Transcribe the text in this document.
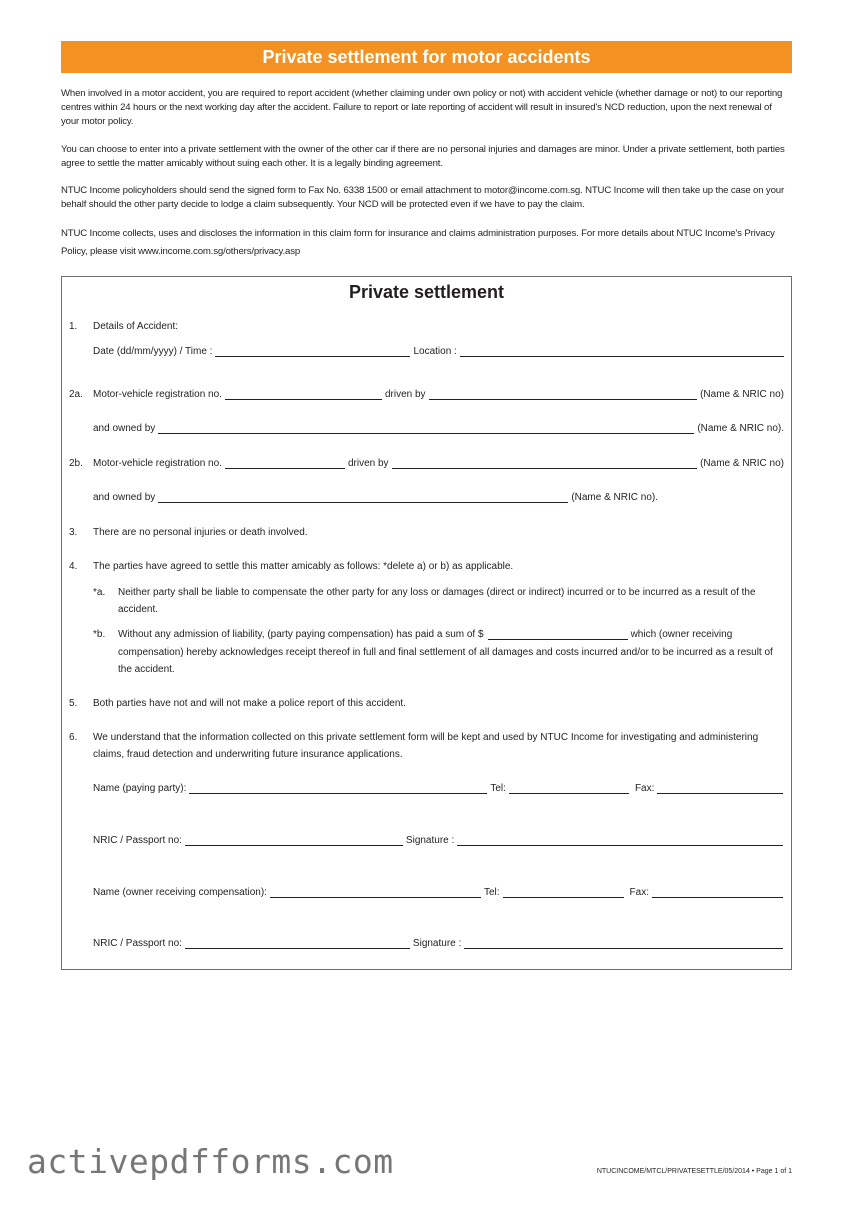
Private settlement for motor accidents

When involved in a motor accident, you are required to report accident (whether claiming under own policy or not) with accident vehicle (whether damage or not) to our reporting centres within 24 hours or the next working day after the accident. Failure to report or late reporting of accident will result in insured's NCD reduction, upon the next renewal of your motor policy.

You can choose to enter into a private settlement with the owner of the other car if there are no personal injuries and damages are minor. Under a private settlement, both parties agree to settle the matter amicably without suing each other. It is a legally binding agreement.

NTUC Income policyholders should send the signed form to Fax No. 6338 1500 or email attachment to motor@income.com.sg. NTUC Income will then take up the case on your behalf should the other party decide to lodge a claim subsequently. Your NCD will be protected even if we have to pay the claim.

NTUC Income collects, uses and discloses the information in this claim form for insurance and claims administration purposes. For more details about NTUC Income's Privacy Policy, please visit www.income.com.sg/others/privacy.asp

Private settlement
1. Details of Accident:
Date (dd/mm/yyyy) / Time :	Location :
2a. Motor-vehicle registration no.	driven by	(Name & NRIC no)
and owned by	(Name & NRIC no).
2b. Motor-vehicle registration no.	driven by	(Name & NRIC no)
and owned by	(Name & NRIC no).
3. There are no personal injuries or death involved.
4. The parties have agreed to settle this matter amicably as follows: *delete a) or b) as applicable.
*a. Neither party shall be liable to compensate the other party for any loss or damages (direct or indirect) incurred or to be incurred as a result of the accident.

*b. Without any admission of liability, (party paying compensation) has paid a sum of $	which (owner receiving

compensation) hereby acknowledges receipt thereof in full and final settlement of all damages and costs incurred and/or to be incurred as a result of the accident.

5. Both parties have not and will not make a police report of this accident.
6. We understand that the information collected on this private settlement form will be kept and used by NTUC Income for investigating and administering claims, fraud detection and underwriting future insurance applications.

Name (paying party):	Tel:	Fax:
NRIC / Passport no:	Signature :
Name (owner receiving compensation):	Tel:	Fax:
NRIC / Passport no:	Signature :
activepdfforms.com	NTUCINCOME/MTCL/PRIVATESETTLE/05/2014 • Page 1 of 1
